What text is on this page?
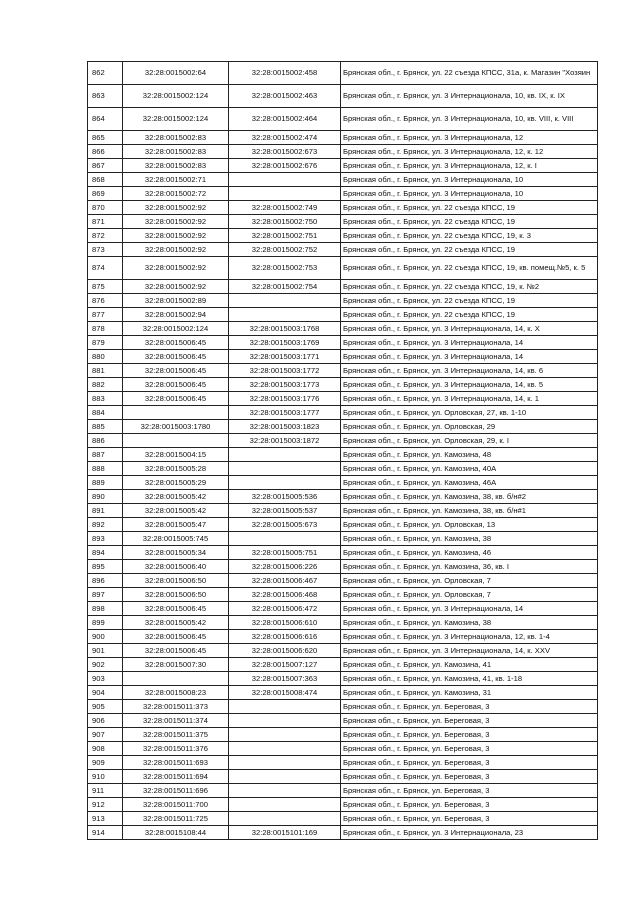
862	32:28:0015002:64	32:28:0015002:458	Брянская обл., г. Брянск, ул. 22 съезда КПСС, 31а, к. Магазин "Хозяин
863	32:28:0015002:124	32:28:0015002:463	Брянская обл., г. Брянск, ул. 3 Интернационала, 10, кв. IX, к. IX
864	32:28:0015002:124	32:28:0015002:464	Брянская обл., г. Брянск, ул. 3 Интернационала, 10, кв. VIII, к. VIII
865	32:28:0015002:83	32:28:0015002:474	Брянская обл., г. Брянск, ул. 3 Интернационала, 12
866	32:28:0015002:83	32:28:0015002:673	Брянская обл., г. Брянск, ул. 3 Интернационала, 12, к. 12
867	32:28:0015002:83	32:28:0015002:676	Брянская обл., г. Брянск, ул. 3 Интернационала, 12, к. I
868	32:28:0015002:71		Брянская обл., г. Брянск, ул. 3 Интернационала, 10
869	32:28:0015002:72		Брянская обл., г. Брянск, ул. 3 Интернационала, 10
870	32:28:0015002:92	32:28:0015002:749	Брянская обл., г. Брянск, ул. 22 съезда КПСС, 19
871	32:28:0015002:92	32:28:0015002:750	Брянская обл., г. Брянск, ул. 22 съезда КПСС, 19
872	32:28:0015002:92	32:28:0015002:751	Брянская обл., г. Брянск, ул. 22 съезда КПСС, 19, к. 3
873	32:28:0015002:92	32:28:0015002:752	Брянская обл., г. Брянск, ул. 22 съезда КПСС, 19
874	32:28:0015002:92	32:28:0015002:753	Брянская обл., г. Брянск, ул. 22 съезда КПСС, 19, кв. помещ.№5, к. 5
875	32:28:0015002:92	32:28:0015002:754	Брянская обл., г. Брянск, ул. 22 съезда КПСС, 19, к. №2
876	32:28:0015002:89		Брянская обл., г. Брянск, ул. 22 съезда КПСС, 19
877	32:28:0015002:94		Брянская обл., г. Брянск, ул. 22 съезда КПСС, 19
878	32:28:0015002:124	32:28:0015003:1768	Брянская обл., г. Брянск, ул. 3 Интернационала, 14, к. X
879	32:28:0015006:45	32:28:0015003:1769	Брянская обл., г. Брянск, ул. 3 Интернационала, 14
880	32:28:0015006:45	32:28:0015003:1771	Брянская обл., г. Брянск, ул. 3 Интернационала, 14
881	32:28:0015006:45	32:28:0015003:1772	Брянская обл., г. Брянск, ул. 3 Интернационала, 14, кв. 6
882	32:28:0015006:45	32:28:0015003:1773	Брянская обл., г. Брянск, ул. 3 Интернационала, 14, кв. 5
883	32:28:0015006:45	32:28:0015003:1776	Брянская обл., г. Брянск, ул. 3 Интернационала, 14, к. 1
884		32:28:0015003:1777	Брянская обл., г. Брянск, ул. Орловская, 27, кв. 1-10
885	32:28:0015003:1780	32:28:0015003:1823	Брянская обл., г. Брянск, ул. Орловская, 29
886		32:28:0015003:1872	Брянская обл., г. Брянск, ул. Орловская, 29, к. I
887	32:28:0015004:15		Брянская обл., г. Брянск, ул. Камозина, 48
888	32:28:0015005:28		Брянская обл., г. Брянск, ул. Камозина, 40А
889	32:28:0015005:29		Брянская обл., г. Брянск, ул. Камозина, 46А
890	32:28:0015005:42	32:28:0015005:536	Брянская обл., г. Брянск, ул. Камозина, 38, кв. б/н#2
891	32:28:0015005:42	32:28:0015005:537	Брянская обл., г. Брянск, ул. Камозина, 38, кв. б/н#1
892	32:28:0015005:47	32:28:0015005:673	Брянская обл., г. Брянск, ул. Орловская, 13
893	32:28:0015005:745		Брянская обл., г. Брянск, ул. Камозина, 38
894	32:28:0015005:34	32:28:0015005:751	Брянская обл., г. Брянск, ул. Камозина, 46
895	32:28:0015006:40	32:28:0015006:226	Брянская обл., г. Брянск, ул. Камозина, 36, кв. I
896	32:28:0015006:50	32:28:0015006:467	Брянская обл., г. Брянск, ул. Орловская, 7
897	32:28:0015006:50	32:28:0015006:468	Брянская обл., г. Брянск, ул. Орловская, 7
898	32:28:0015006:45	32:28:0015006:472	Брянская обл., г. Брянск, ул. 3 Интернационала, 14
899	32:28:0015005:42	32:28:0015006:610	Брянская обл., г. Брянск, ул. Камозина, 38
900	32:28:0015006:45	32:28:0015006:616	Брянская обл., г. Брянск, ул. 3 Интернационала, 12, кв. 1-4
901	32:28:0015006:45	32:28:0015006:620	Брянская обл., г. Брянск, ул. 3 Интернационала, 14, к. XXV
902	32:28:0015007:30	32:28:0015007:127	Брянская обл., г. Брянск, ул. Камозина, 41
903		32:28:0015007:363	Брянская обл., г. Брянск, ул. Камозина, 41, кв. 1-18
904	32:28:0015008:23	32:28:0015008:474	Брянская обл., г. Брянск, ул. Камозина, 31
905	32:28:0015011:373		Брянская обл., г. Брянск, ул. Береговая, 3
906	32:28:0015011:374		Брянская обл., г. Брянск, ул. Береговая, 3
907	32:28:0015011:375		Брянская обл., г. Брянск, ул. Береговая, 3
908	32:28:0015011:376		Брянская обл., г. Брянск, ул. Береговая, 3
909	32:28:0015011:693		Брянская обл., г. Брянск, ул. Береговая, 3
910	32:28:0015011:694		Брянская обл., г. Брянск, ул. Береговая, 3
911	32:28:0015011:696		Брянская обл., г. Брянск, ул. Береговая, 3
912	32:28:0015011:700		Брянская обл., г. Брянск, ул. Береговая, 3
913	32:28:0015011:725		Брянская обл., г. Брянск, ул. Береговая, 3
914	32:28:0015108:44	32:28:0015101:169	Брянская обл., г. Брянск, ул. 3 Интернационала, 23
